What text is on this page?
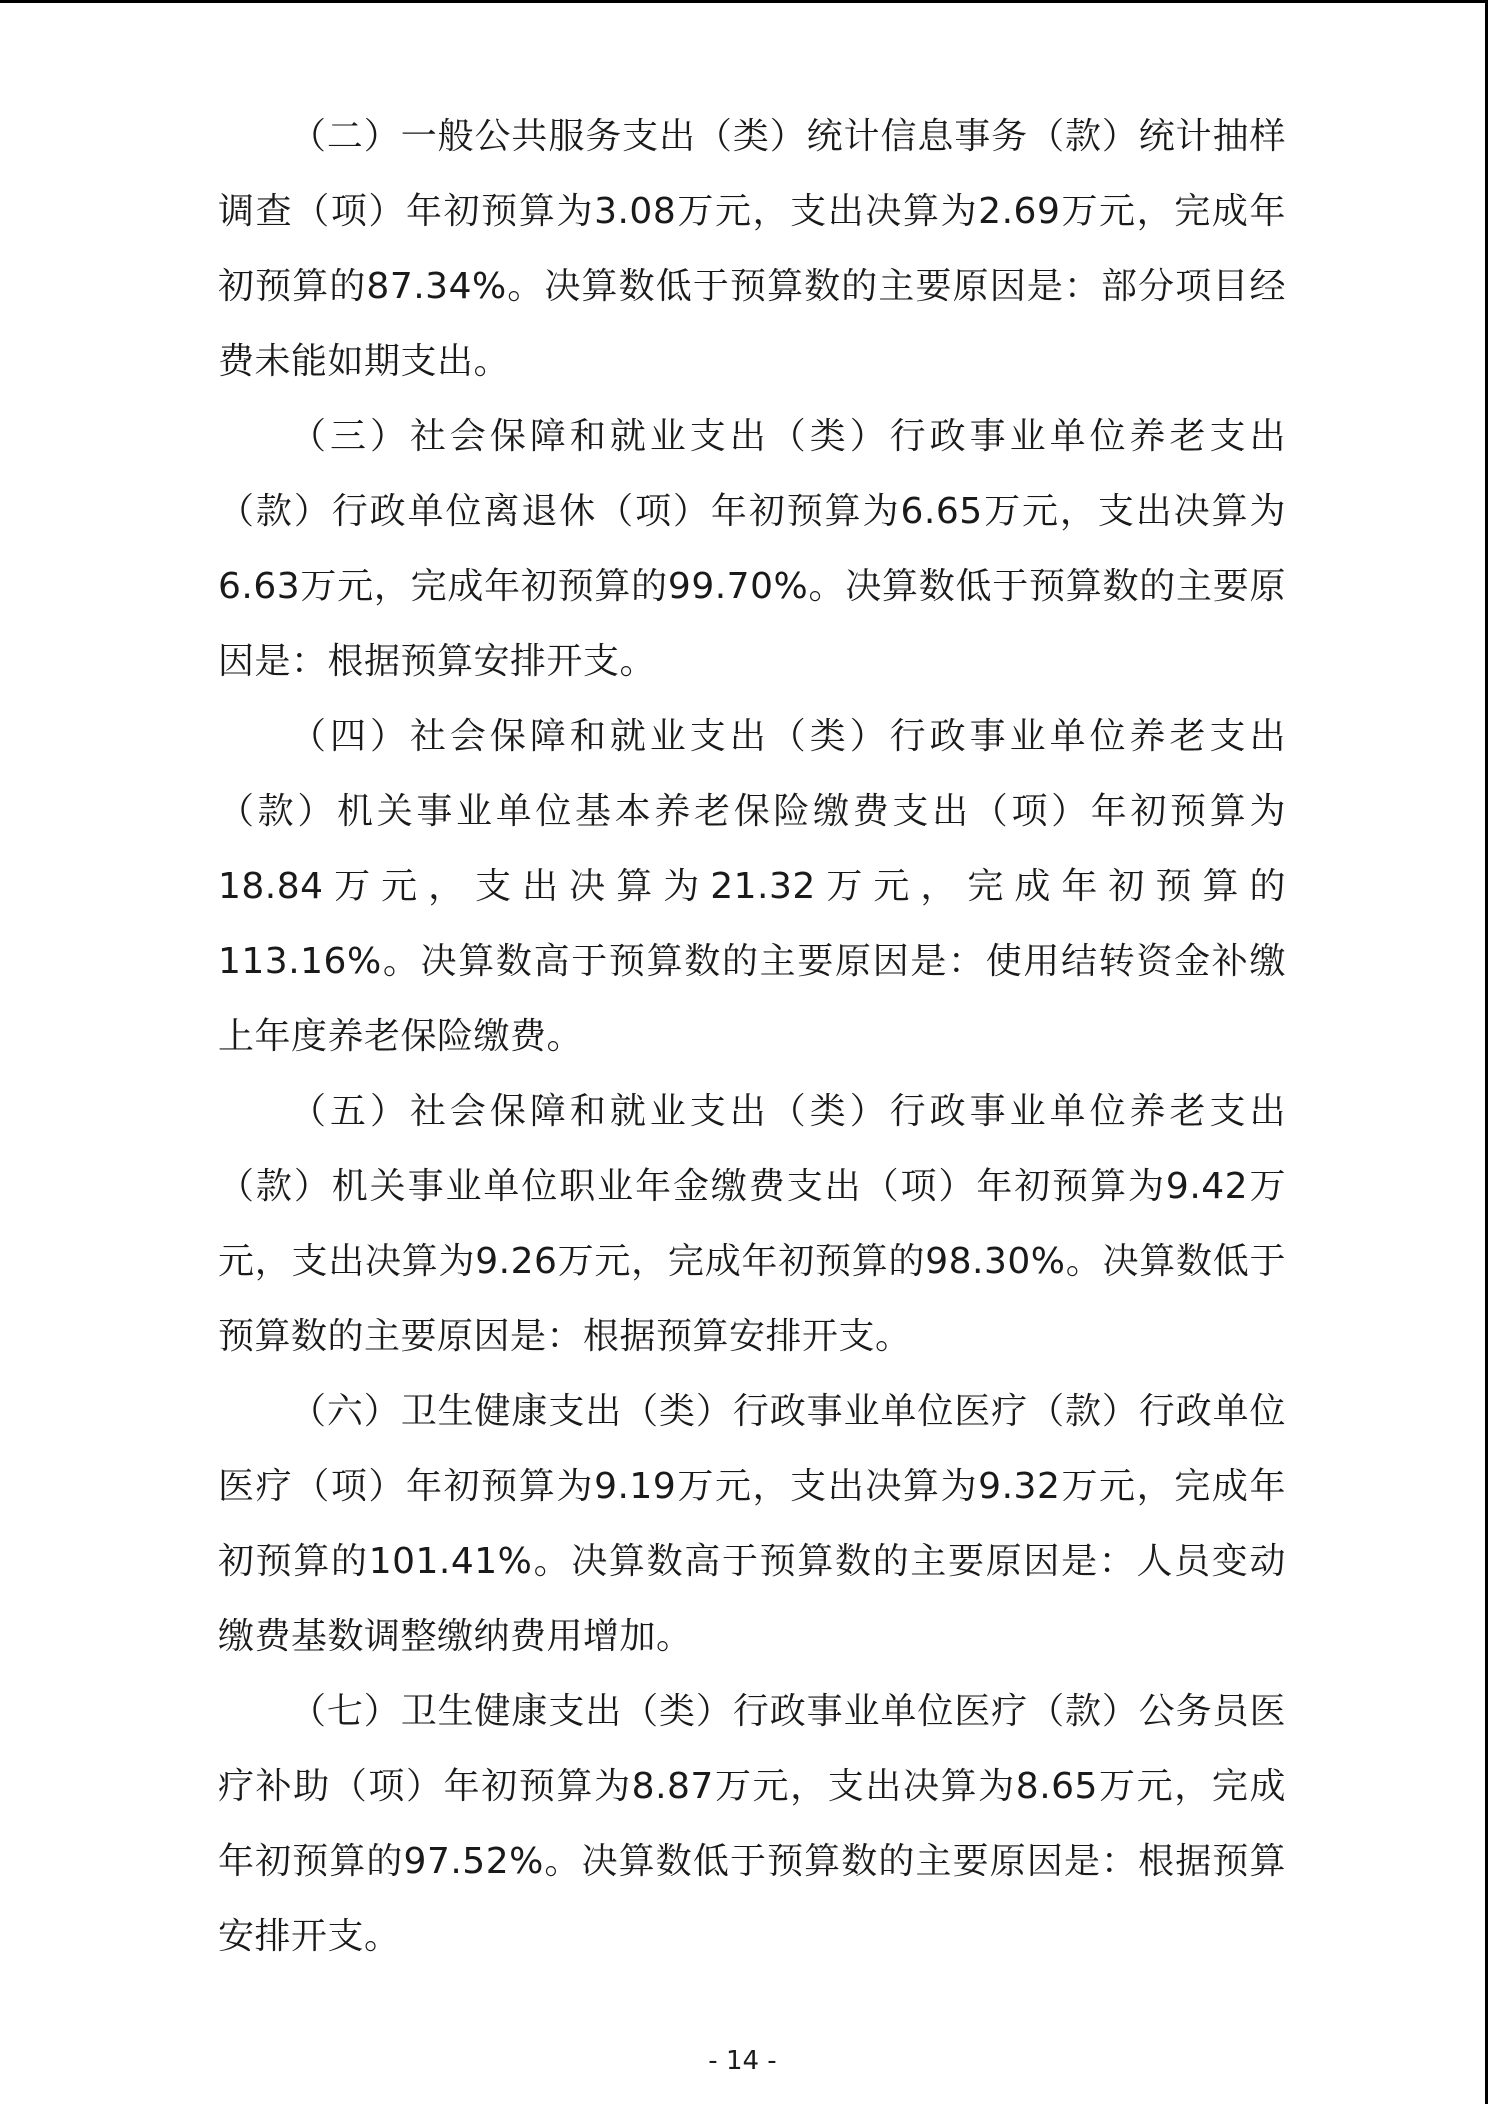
（二）一般公共服务支出（类）统计信息事务（款）统计抽样调查（项）年初预算为3.08万元，支出决算为2.69万元，完成年初预算的87.34%。决算数低于预算数的主要原因是：部分项目经费未能如期支出。

（三）社会保障和就业支出（类）行政事业单位养老支出（款）行政单位离退休（项）年初预算为6.65万元，支出决算为6.63万元，完成年初预算的99.70%。决算数低于预算数的主要原因是：根据预算安排开支。

（四）社会保障和就业支出（类）行政事业单位养老支出（款）机关事业单位基本养老保险缴费支出（项）年初预算为18.84万元，支出决算为21.32万元，完成年初预算的113.16%。决算数高于预算数的主要原因是：使用结转资金补缴上年度养老保险缴费。

（五）社会保障和就业支出（类）行政事业单位养老支出（款）机关事业单位职业年金缴费支出（项）年初预算为9.42万元，支出决算为9.26万元，完成年初预算的98.30%。决算数低于预算数的主要原因是：根据预算安排开支。

（六）卫生健康支出（类）行政事业单位医疗（款）行政单位医疗（项）年初预算为9.19万元，支出决算为9.32万元，完成年初预算的101.41%。决算数高于预算数的主要原因是：人员变动缴费基数调整缴纳费用增加。

（七）卫生健康支出（类）行政事业单位医疗（款）公务员医疗补助（项）年初预算为8.87万元，支出决算为8.65万元，完成年初预算的97.52%。决算数低于预算数的主要原因是：根据预算安排开支。

- 14 -
